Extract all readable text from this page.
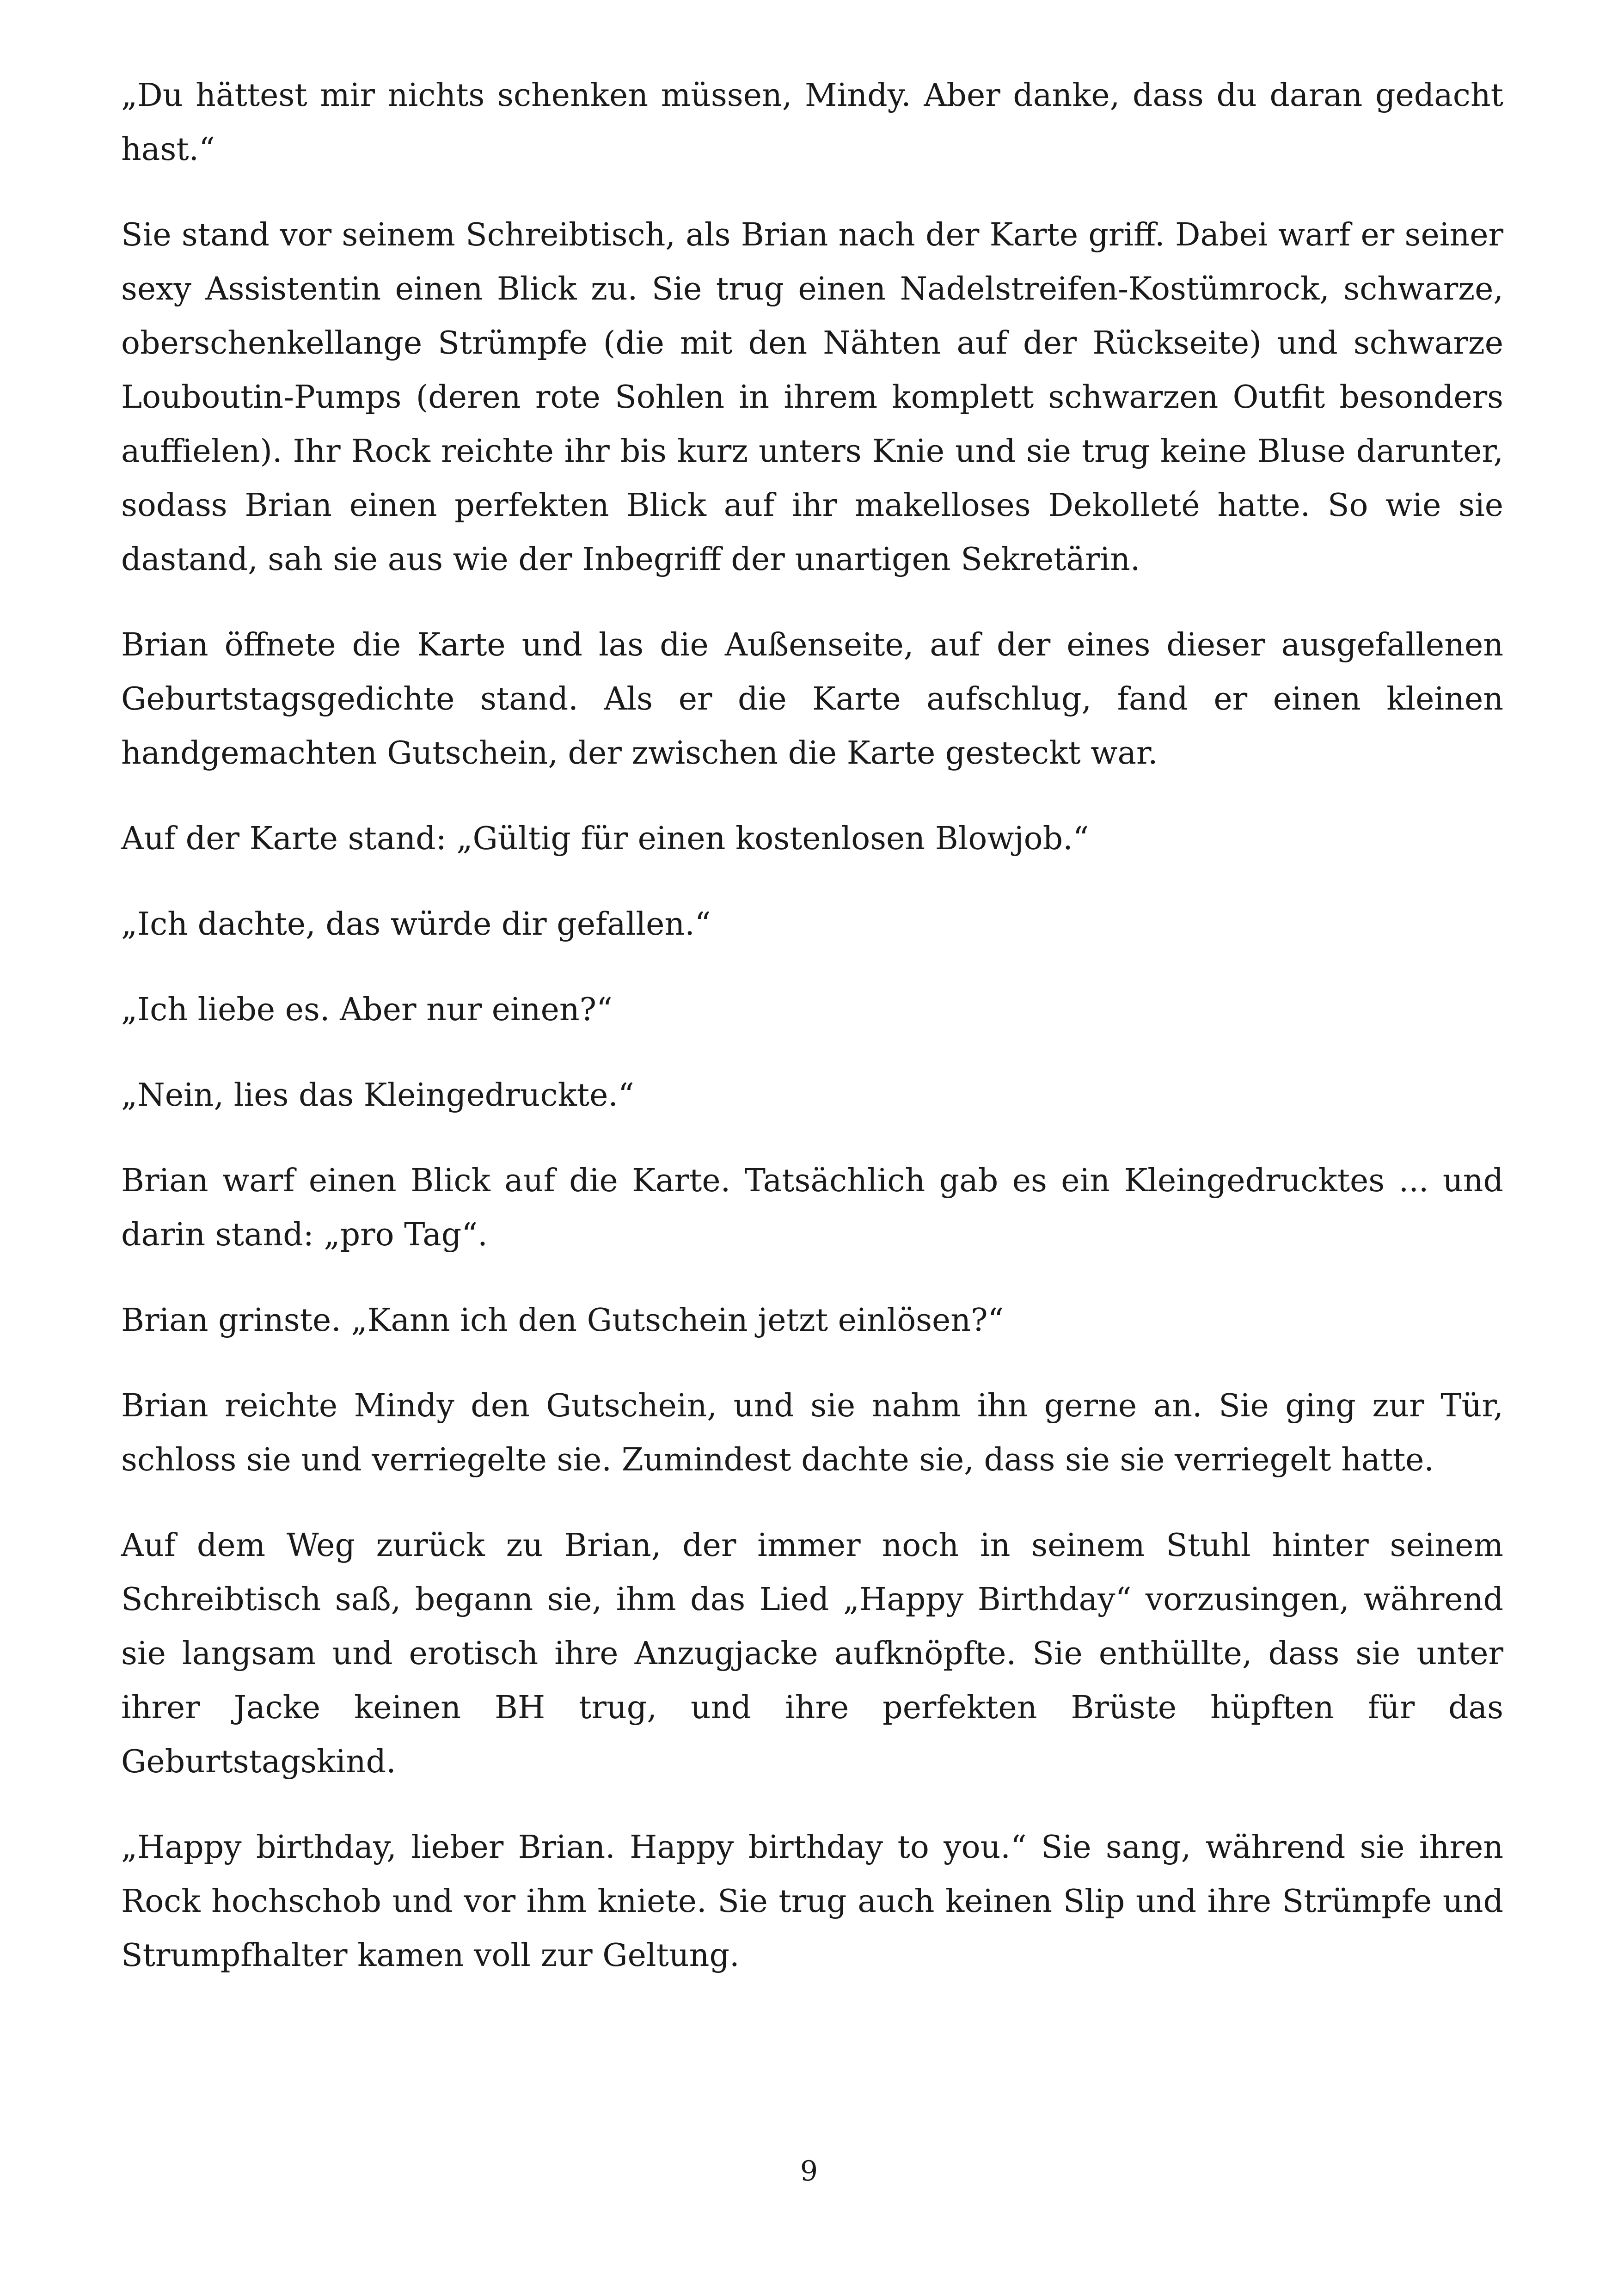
„Du hättest mir nichts schenken müssen, Mindy. Aber danke, dass du daran gedacht hast.“

Sie stand vor seinem Schreibtisch, als Brian nach der Karte griff. Dabei warf er seiner sexy Assistentin einen Blick zu. Sie trug einen Nadelstreifen-Kostümrock, schwarze, oberschenkellange Strümpfe (die mit den Nähten auf der Rückseite) und schwarze Louboutin-Pumps (deren rote Sohlen in ihrem komplett schwarzen Outfit besonders auffielen). Ihr Rock reichte ihr bis kurz unters Knie und sie trug keine Bluse darunter, sodass Brian einen perfekten Blick auf ihr makelloses Dekolleté hatte. So wie sie dastand, sah sie aus wie der Inbegriff der unartigen Sekretärin.

Brian öffnete die Karte und las die Außenseite, auf der eines dieser ausgefallenen Geburtstagsgedichte stand. Als er die Karte aufschlug, fand er einen kleinen handgemachten Gutschein, der zwischen die Karte gesteckt war.

Auf der Karte stand: „Gültig für einen kostenlosen Blowjob.“

„Ich dachte, das würde dir gefallen.“

„Ich liebe es. Aber nur einen?“

„Nein, lies das Kleingedruckte.“

Brian warf einen Blick auf die Karte. Tatsächlich gab es ein Kleingedrucktes ... und darin stand: „pro Tag“.

Brian grinste. „Kann ich den Gutschein jetzt einlösen?“

Brian reichte Mindy den Gutschein, und sie nahm ihn gerne an. Sie ging zur Tür, schloss sie und verriegelte sie. Zumindest dachte sie, dass sie sie verriegelt hatte.

Auf dem Weg zurück zu Brian, der immer noch in seinem Stuhl hinter seinem Schreibtisch saß, begann sie, ihm das Lied „Happy Birthday“ vorzusingen, während sie langsam und erotisch ihre Anzugjacke aufknöpfte. Sie enthüllte, dass sie unter ihrer Jacke keinen BH trug, und ihre perfekten Brüste hüpften für das Geburtstagskind.

„Happy birthday, lieber Brian. Happy birthday to you.“ Sie sang, während sie ihren Rock hochschob und vor ihm kniete. Sie trug auch keinen Slip und ihre Strümpfe und Strumpfhalter kamen voll zur Geltung.

9
